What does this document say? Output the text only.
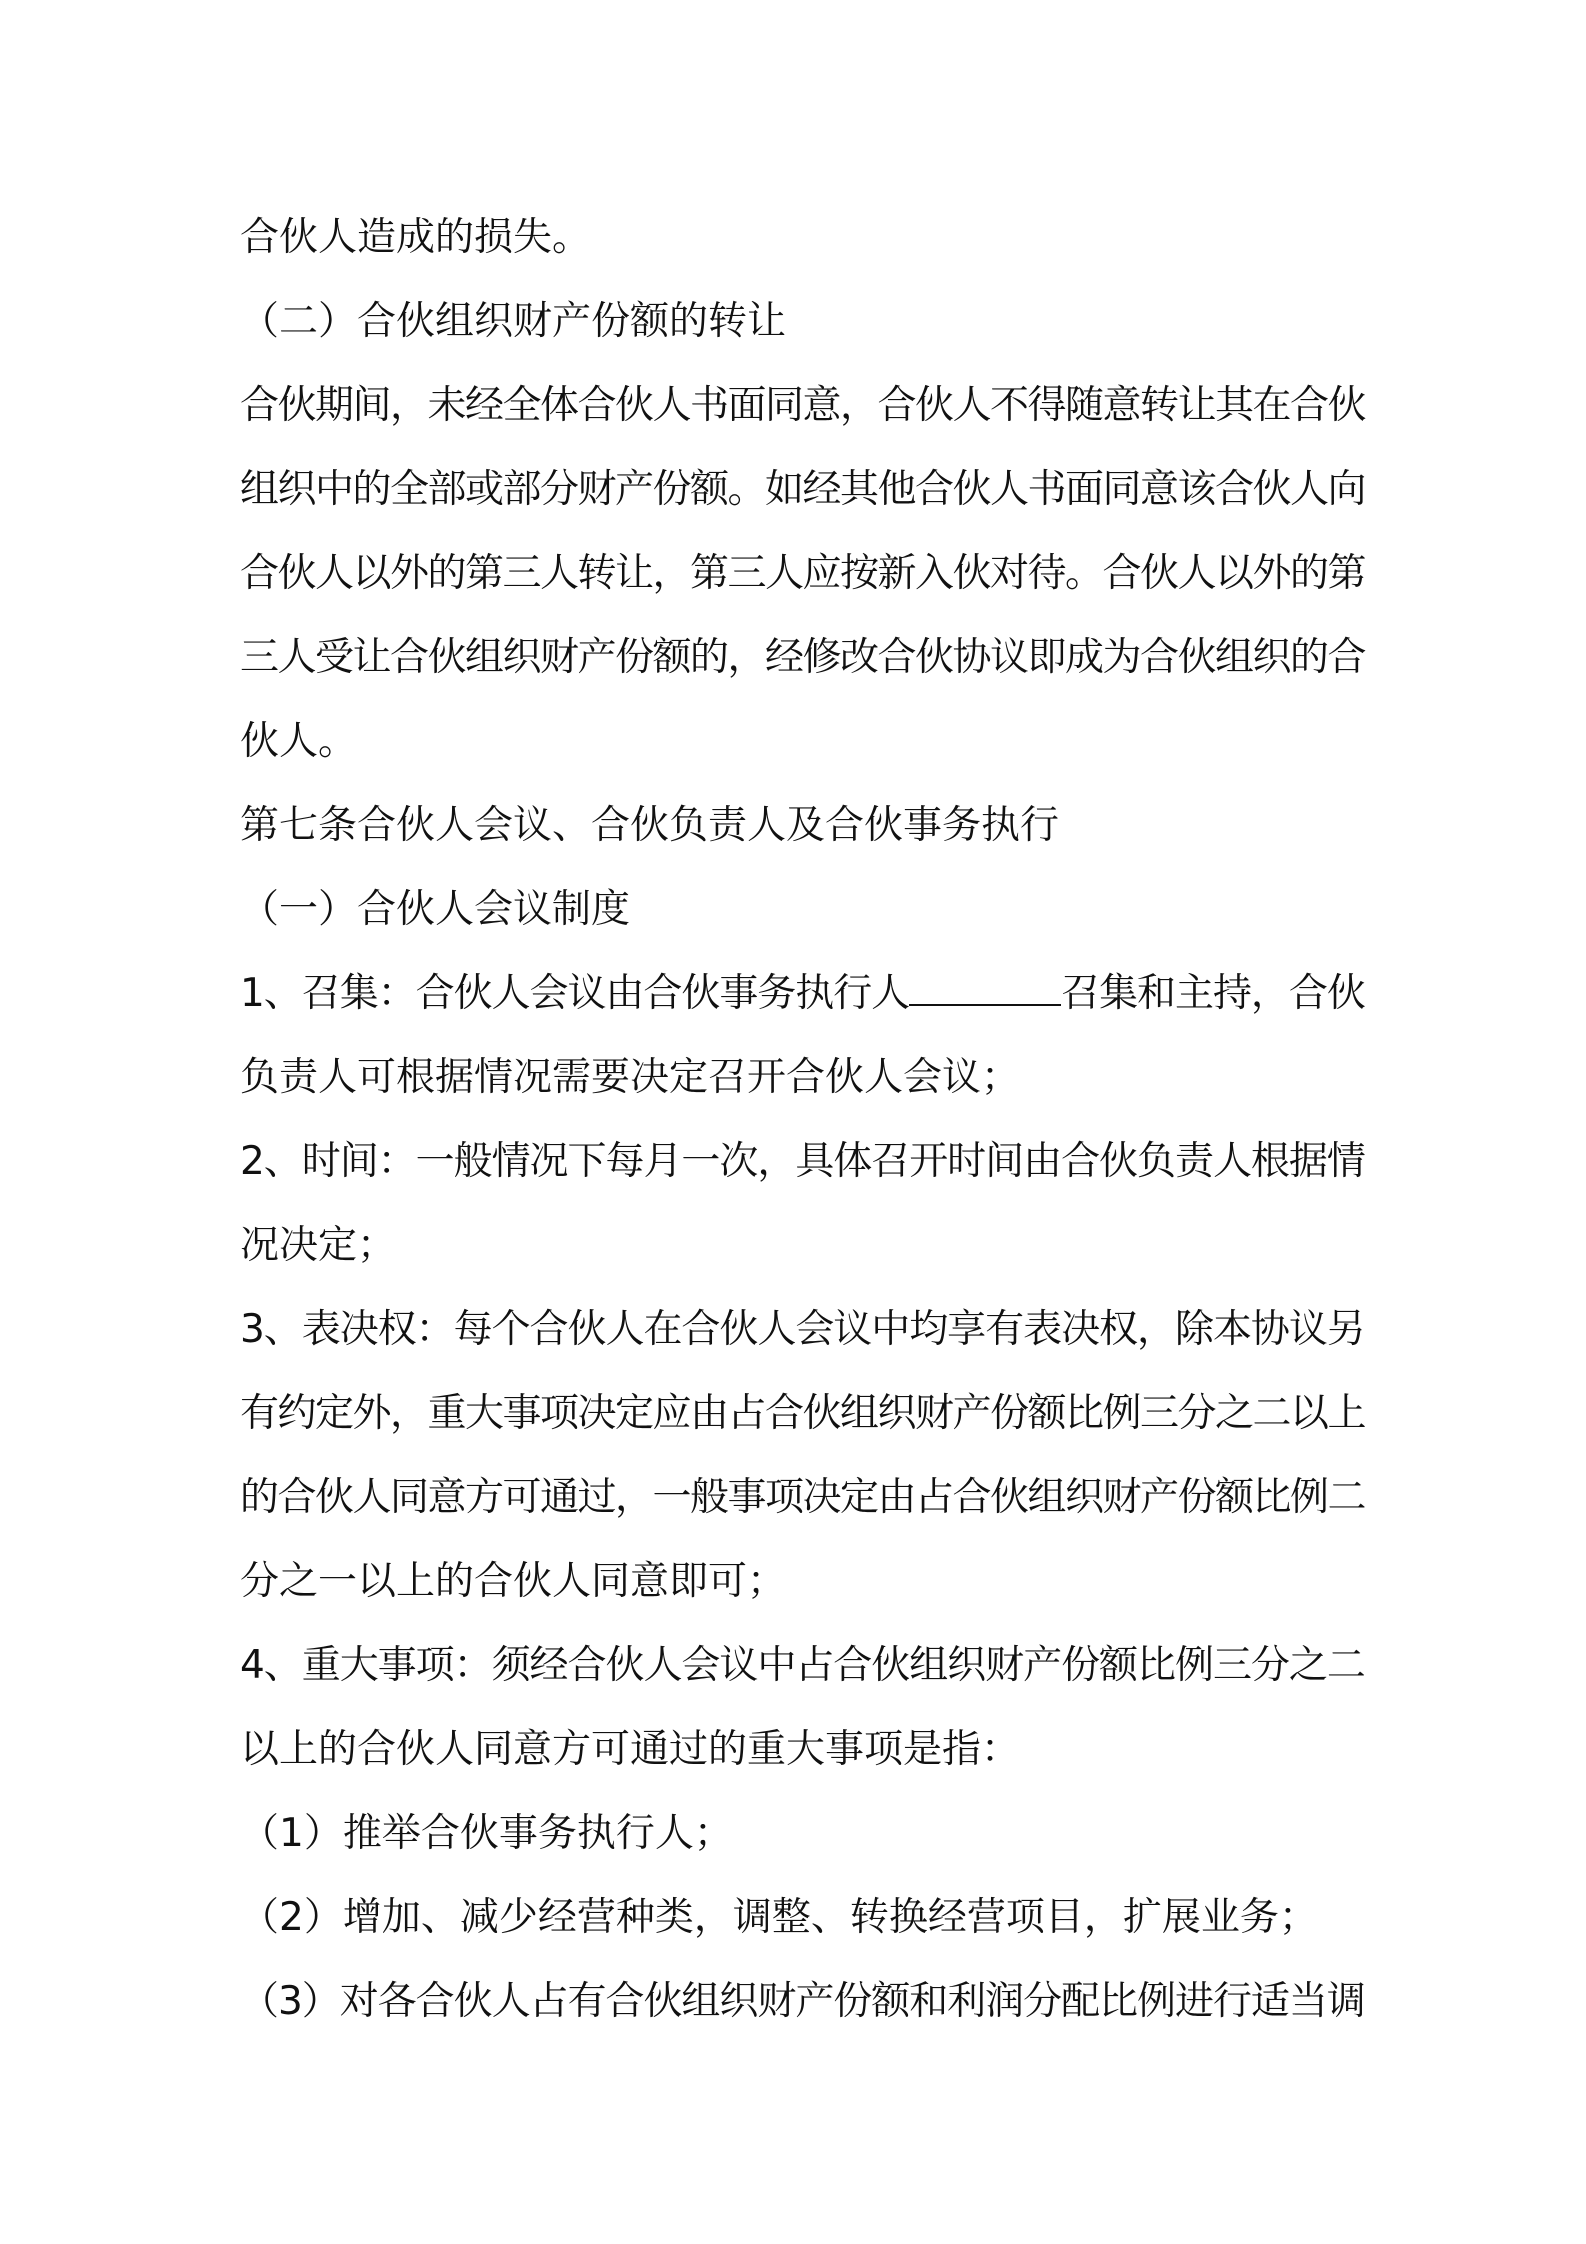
合伙人造成的损失。
（二）合伙组织财产份额的转让
合伙期间，未经全体合伙人书面同意，合伙人不得随意转让其在合伙
组织中的全部或部分财产份额。如经其他合伙人书面同意该合伙人向
合伙人以外的第三人转让，第三人应按新入伙对待。合伙人以外的第
三人受让合伙组织财产份额的，经修改合伙协议即成为合伙组织的合
伙人。
第七条合伙人会议、合伙负责人及合伙事务执行
（一）合伙人会议制度
1、召集：合伙人会议由合伙事务执行人	召集和主持，合伙
负责人可根据情况需要决定召开合伙人会议；
2、时间：一般情况下每月一次，具体召开时间由合伙负责人根据情
况决定；
3、表决权：每个合伙人在合伙人会议中均享有表决权，除本协议另
有约定外，重大事项决定应由占合伙组织财产份额比例三分之二以上
的合伙人同意方可通过，一般事项决定由占合伙组织财产份额比例二
分之一以上的合伙人同意即可；
4、重大事项：须经合伙人会议中占合伙组织财产份额比例三分之二
以上的合伙人同意方可通过的重大事项是指：
（1）推举合伙事务执行人；
（2）增加、减少经营种类，调整、转换经营项目，扩展业务；
（3）对各合伙人占有合伙组织财产份额和利润分配比例进行适当调
